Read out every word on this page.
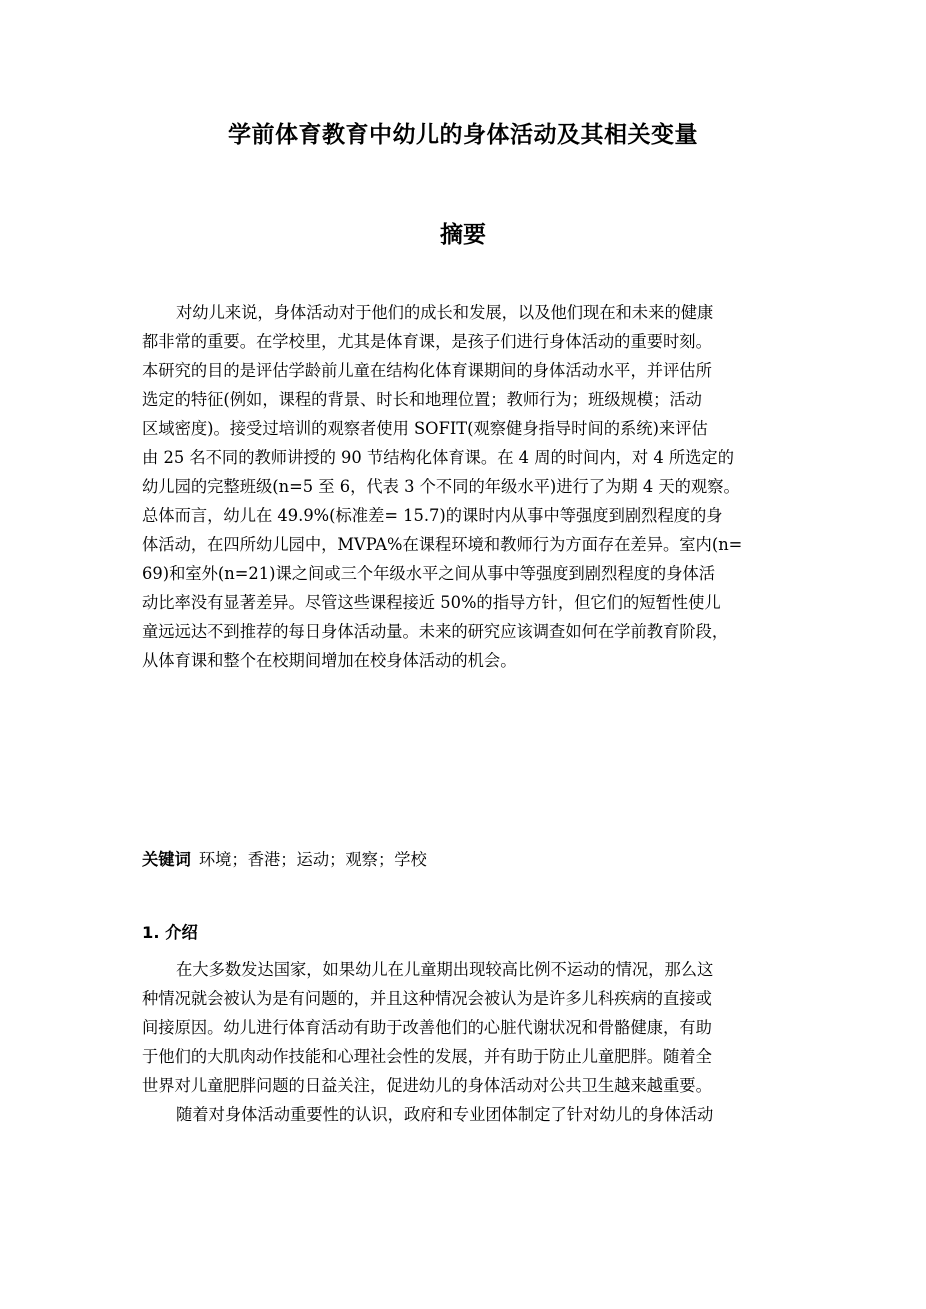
学前体育教育中幼儿的身体活动及其相关变量
摘要
对幼儿来说，身体活动对于他们的成长和发展，以及他们现在和未来的健康
都非常的重要。在学校里，尤其是体育课，是孩子们进行身体活动的重要时刻。
本研究的目的是评估学龄前儿童在结构化体育课期间的身体活动水平，并评估所
选定的特征(例如，课程的背景、时长和地理位置；教师行为；班级规模；活动
区域密度)。接受过培训的观察者使用 SOFIT(观察健身指导时间的系统)来评估
由 25 名不同的教师讲授的 90 节结构化体育课。在 4 周的时间内，对 4 所选定的
幼儿园的完整班级(n=5 至 6，代表 3 个不同的年级水平)进行了为期 4 天的观察。
总体而言，幼儿在 49.9%(标准差= 15.7)的课时内从事中等强度到剧烈程度的身
体活动，在四所幼儿园中，MVPA%在课程环境和教师行为方面存在差异。室内(n=
69)和室外(n=21)课之间或三个年级水平之间从事中等强度到剧烈程度的身体活
动比率没有显著差异。尽管这些课程接近 50%的指导方针，但它们的短暂性使儿
童远远达不到推荐的每日身体活动量。未来的研究应该调查如何在学前教育阶段，
从体育课和整个在校期间增加在校身体活动的机会。
关键词 环境；香港；运动；观察；学校
1. 介绍
在大多数发达国家，如果幼儿在儿童期出现较高比例不运动的情况，那么这
种情况就会被认为是有问题的，并且这种情况会被认为是许多儿科疾病的直接或
间接原因。幼儿进行体育活动有助于改善他们的心脏代谢状况和骨骼健康，有助
于他们的大肌肉动作技能和心理社会性的发展，并有助于防止儿童肥胖。随着全
世界对儿童肥胖问题的日益关注，促进幼儿的身体活动对公共卫生越来越重要。
随着对身体活动重要性的认识，政府和专业团体制定了针对幼儿的身体活动
